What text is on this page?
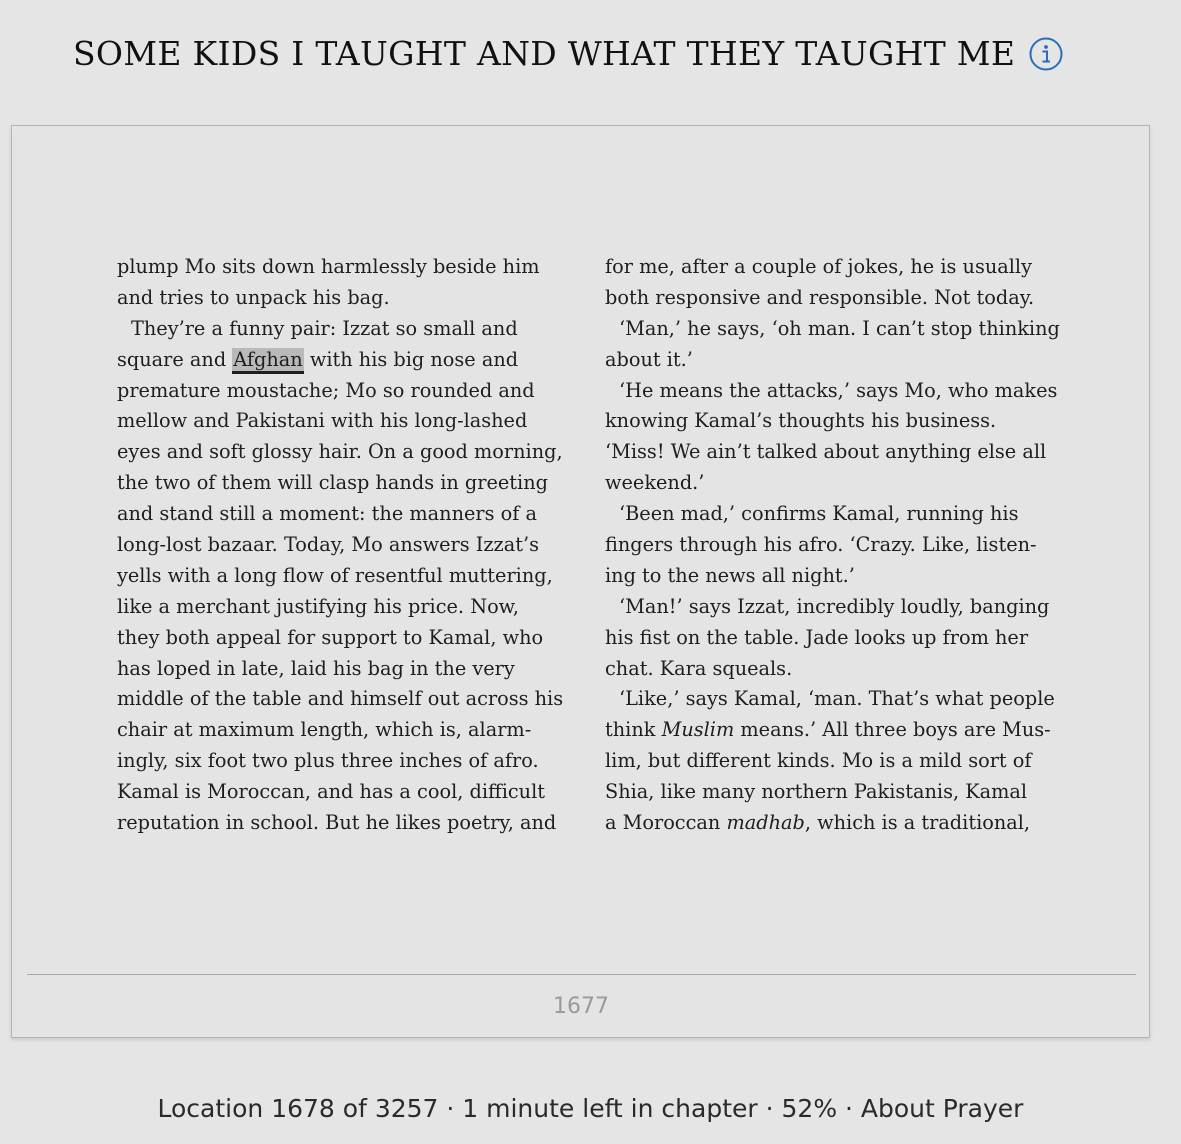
SOME KIDS I TAUGHT AND WHAT THEY TAUGHT ME
plump Mo sits down harmlessly beside him
and tries to unpack his bag.
They’re a funny pair: Izzat so small and
square and Afghan with his big nose and
premature moustache; Mo so rounded and
mellow and Pakistani with his long-lashed
eyes and soft glossy hair. On a good morning,
the two of them will clasp hands in greeting
and stand still a moment: the manners of a
long-lost bazaar. Today, Mo answers Izzat’s
yells with a long flow of resentful muttering,
like a merchant justifying his price. Now,
they both appeal for support to Kamal, who
has loped in late, laid his bag in the very
middle of the table and himself out across his
chair at maximum length, which is, alarm-
ingly, six foot two plus three inches of afro.
Kamal is Moroccan, and has a cool, difficult
reputation in school. But he likes poetry, and
for me, after a couple of jokes, he is usually
both responsive and responsible. Not today.
‘Man,’ he says, ‘oh man. I can’t stop thinking
about it.’
‘He means the attacks,’ says Mo, who makes
knowing Kamal’s thoughts his business.
‘Miss! We ain’t talked about anything else all
weekend.’
‘Been mad,’ confirms Kamal, running his
fingers through his afro. ‘Crazy. Like, listen-
ing to the news all night.’
‘Man!’ says Izzat, incredibly loudly, banging
his fist on the table. Jade looks up from her
chat. Kara squeals.
‘Like,’ says Kamal, ‘man. That’s what people
think Muslim means.’ All three boys are Mus-
lim, but different kinds. Mo is a mild sort of
Shia, like many northern Pakistanis, Kamal
a Moroccan madhab, which is a traditional,
1677
Location 1678 of 3257 · 1 minute left in chapter · 52% · About Prayer
